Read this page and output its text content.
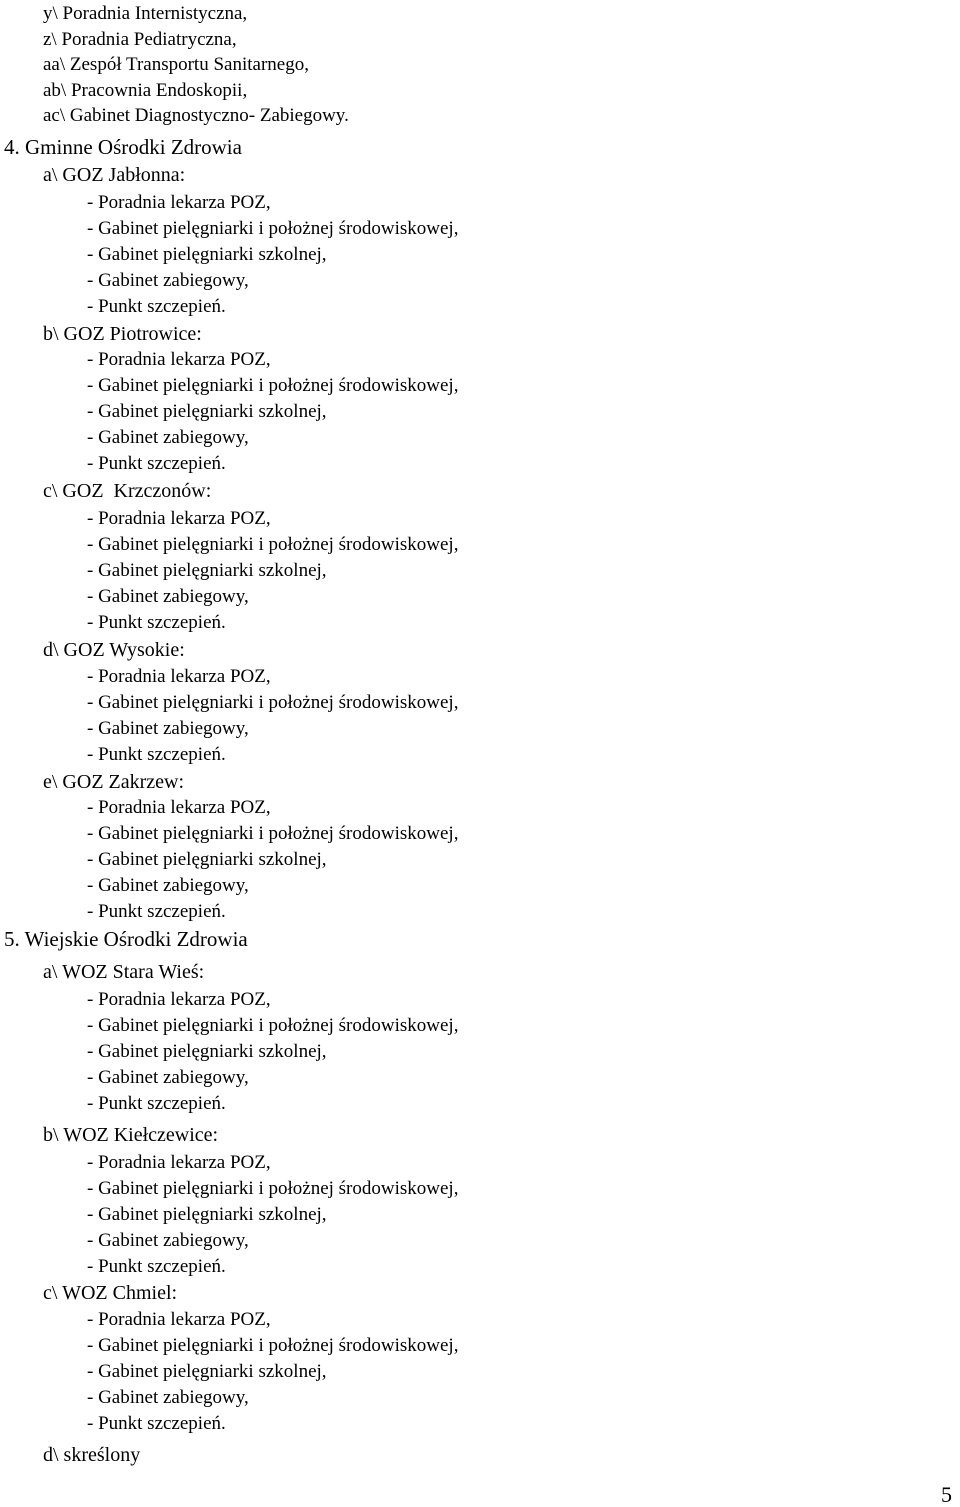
y\ Poradnia Internistyczna,
z\ Poradnia Pediatryczna,
aa\ Zespół Transportu Sanitarnego,
ab\ Pracownia Endoskopii,
ac\ Gabinet Diagnostyczno- Zabiegowy.
4. Gminne Ośrodki Zdrowia
a\ GOZ Jabłonna:
- Poradnia lekarza POZ,
- Gabinet pielęgniarki i położnej środowiskowej,
- Gabinet pielęgniarki szkolnej,
- Gabinet zabiegowy,
- Punkt szczepień.
b\ GOZ Piotrowice:
- Poradnia lekarza POZ,
- Gabinet pielęgniarki i położnej środowiskowej,
- Gabinet pielęgniarki szkolnej,
- Gabinet zabiegowy,
- Punkt szczepień.
c\ GOZ  Krzczonów:
- Poradnia lekarza POZ,
- Gabinet pielęgniarki i położnej środowiskowej,
- Gabinet pielęgniarki szkolnej,
- Gabinet zabiegowy,
- Punkt szczepień.
d\ GOZ Wysokie:
- Poradnia lekarza POZ,
- Gabinet pielęgniarki i położnej środowiskowej,
- Gabinet zabiegowy,
- Punkt szczepień.
e\ GOZ Zakrzew:
- Poradnia lekarza POZ,
- Gabinet pielęgniarki i położnej środowiskowej,
- Gabinet pielęgniarki szkolnej,
- Gabinet zabiegowy,
- Punkt szczepień.
5. Wiejskie Ośrodki Zdrowia
a\ WOZ Stara Wieś:
- Poradnia lekarza POZ,
- Gabinet pielęgniarki i położnej środowiskowej,
- Gabinet pielęgniarki szkolnej,
- Gabinet zabiegowy,
- Punkt szczepień.
b\ WOZ Kiełczewice:
- Poradnia lekarza POZ,
- Gabinet pielęgniarki i położnej środowiskowej,
- Gabinet pielęgniarki szkolnej,
- Gabinet zabiegowy,
- Punkt szczepień.
c\ WOZ Chmiel:
- Poradnia lekarza POZ,
- Gabinet pielęgniarki i położnej środowiskowej,
- Gabinet pielęgniarki szkolnej,
- Gabinet zabiegowy,
- Punkt szczepień.
d\ skreślony
5
